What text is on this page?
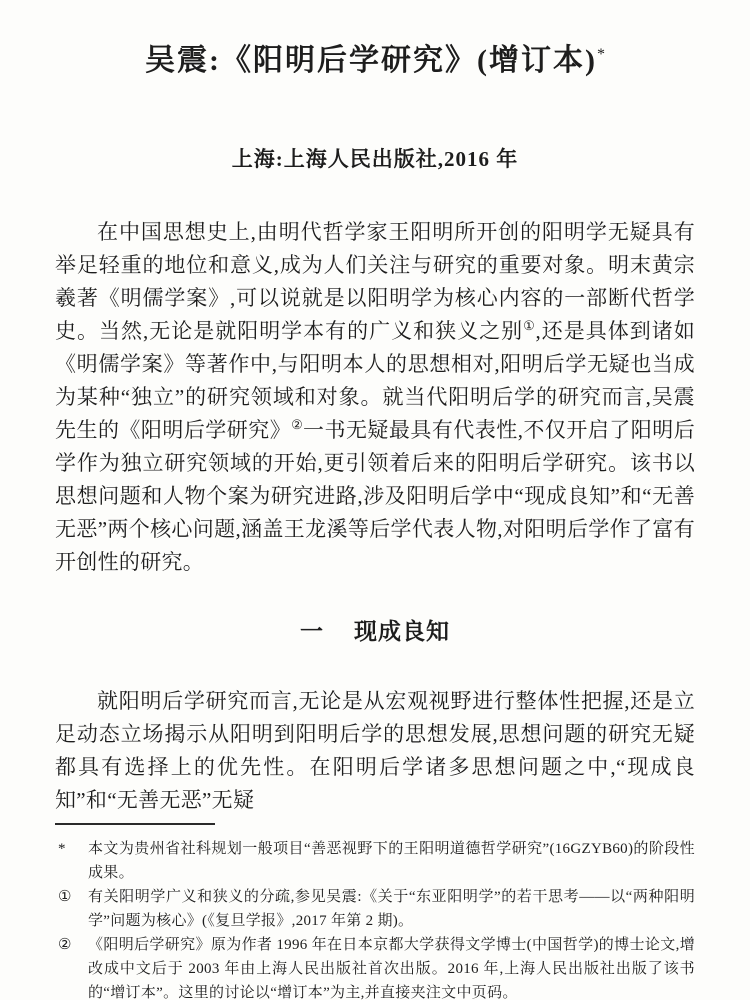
吴震:《阳明后学研究》(增订本)*
上海:上海人民出版社,2016 年

在中国思想史上,由明代哲学家王阳明所开创的阳明学无疑具有举足轻重的地位和意义,成为人们关注与研究的重要对象。明末黄宗羲著《明儒学案》,可以说就是以阳明学为核心内容的一部断代哲学史。当然,无论是就阳明学本有的广义和狭义之别①,还是具体到诸如《明儒学案》等著作中,与阳明本人的思想相对,阳明后学无疑也当成为某种“独立”的研究领域和对象。就当代阳明后学的研究而言,吴震先生的《阳明后学研究》②一书无疑最具有代表性,不仅开启了阳明后学作为独立研究领域的开始,更引领着后来的阳明后学研究。该书以思想问题和人物个案为研究进路,涉及阳明后学中“现成良知”和“无善无恶”两个核心问题,涵盖王龙溪等后学代表人物,对阳明后学作了富有开创性的研究。

一 现成良知

就阳明后学研究而言,无论是从宏观视野进行整体性把握,还是立足动态立场揭示从阳明到阳明后学的思想发展,思想问题的研究无疑都具有选择上的优先性。在阳明后学诸多思想问题之中,“现成良知”和“无善无恶”无疑

*	本文为贵州省社科规划一般项目“善恶视野下的王阳明道德哲学研究”(16GZYB60)的阶段性成果。
①	有关阳明学广义和狭义的分疏,参见吴震:《关于“东亚阳明学”的若干思考——以“两种阳明学”问题为核心》(《复旦学报》,2017 年第 2 期)。
②	《阳明后学研究》原为作者 1996 年在日本京都大学获得文学博士(中国哲学)的博士论文,增改成中文后于 2003 年由上海人民出版社首次出版。2016 年,上海人民出版社出版了该书的“增订本”。这里的讨论以“增订本”为主,并直接夹注文中页码。
